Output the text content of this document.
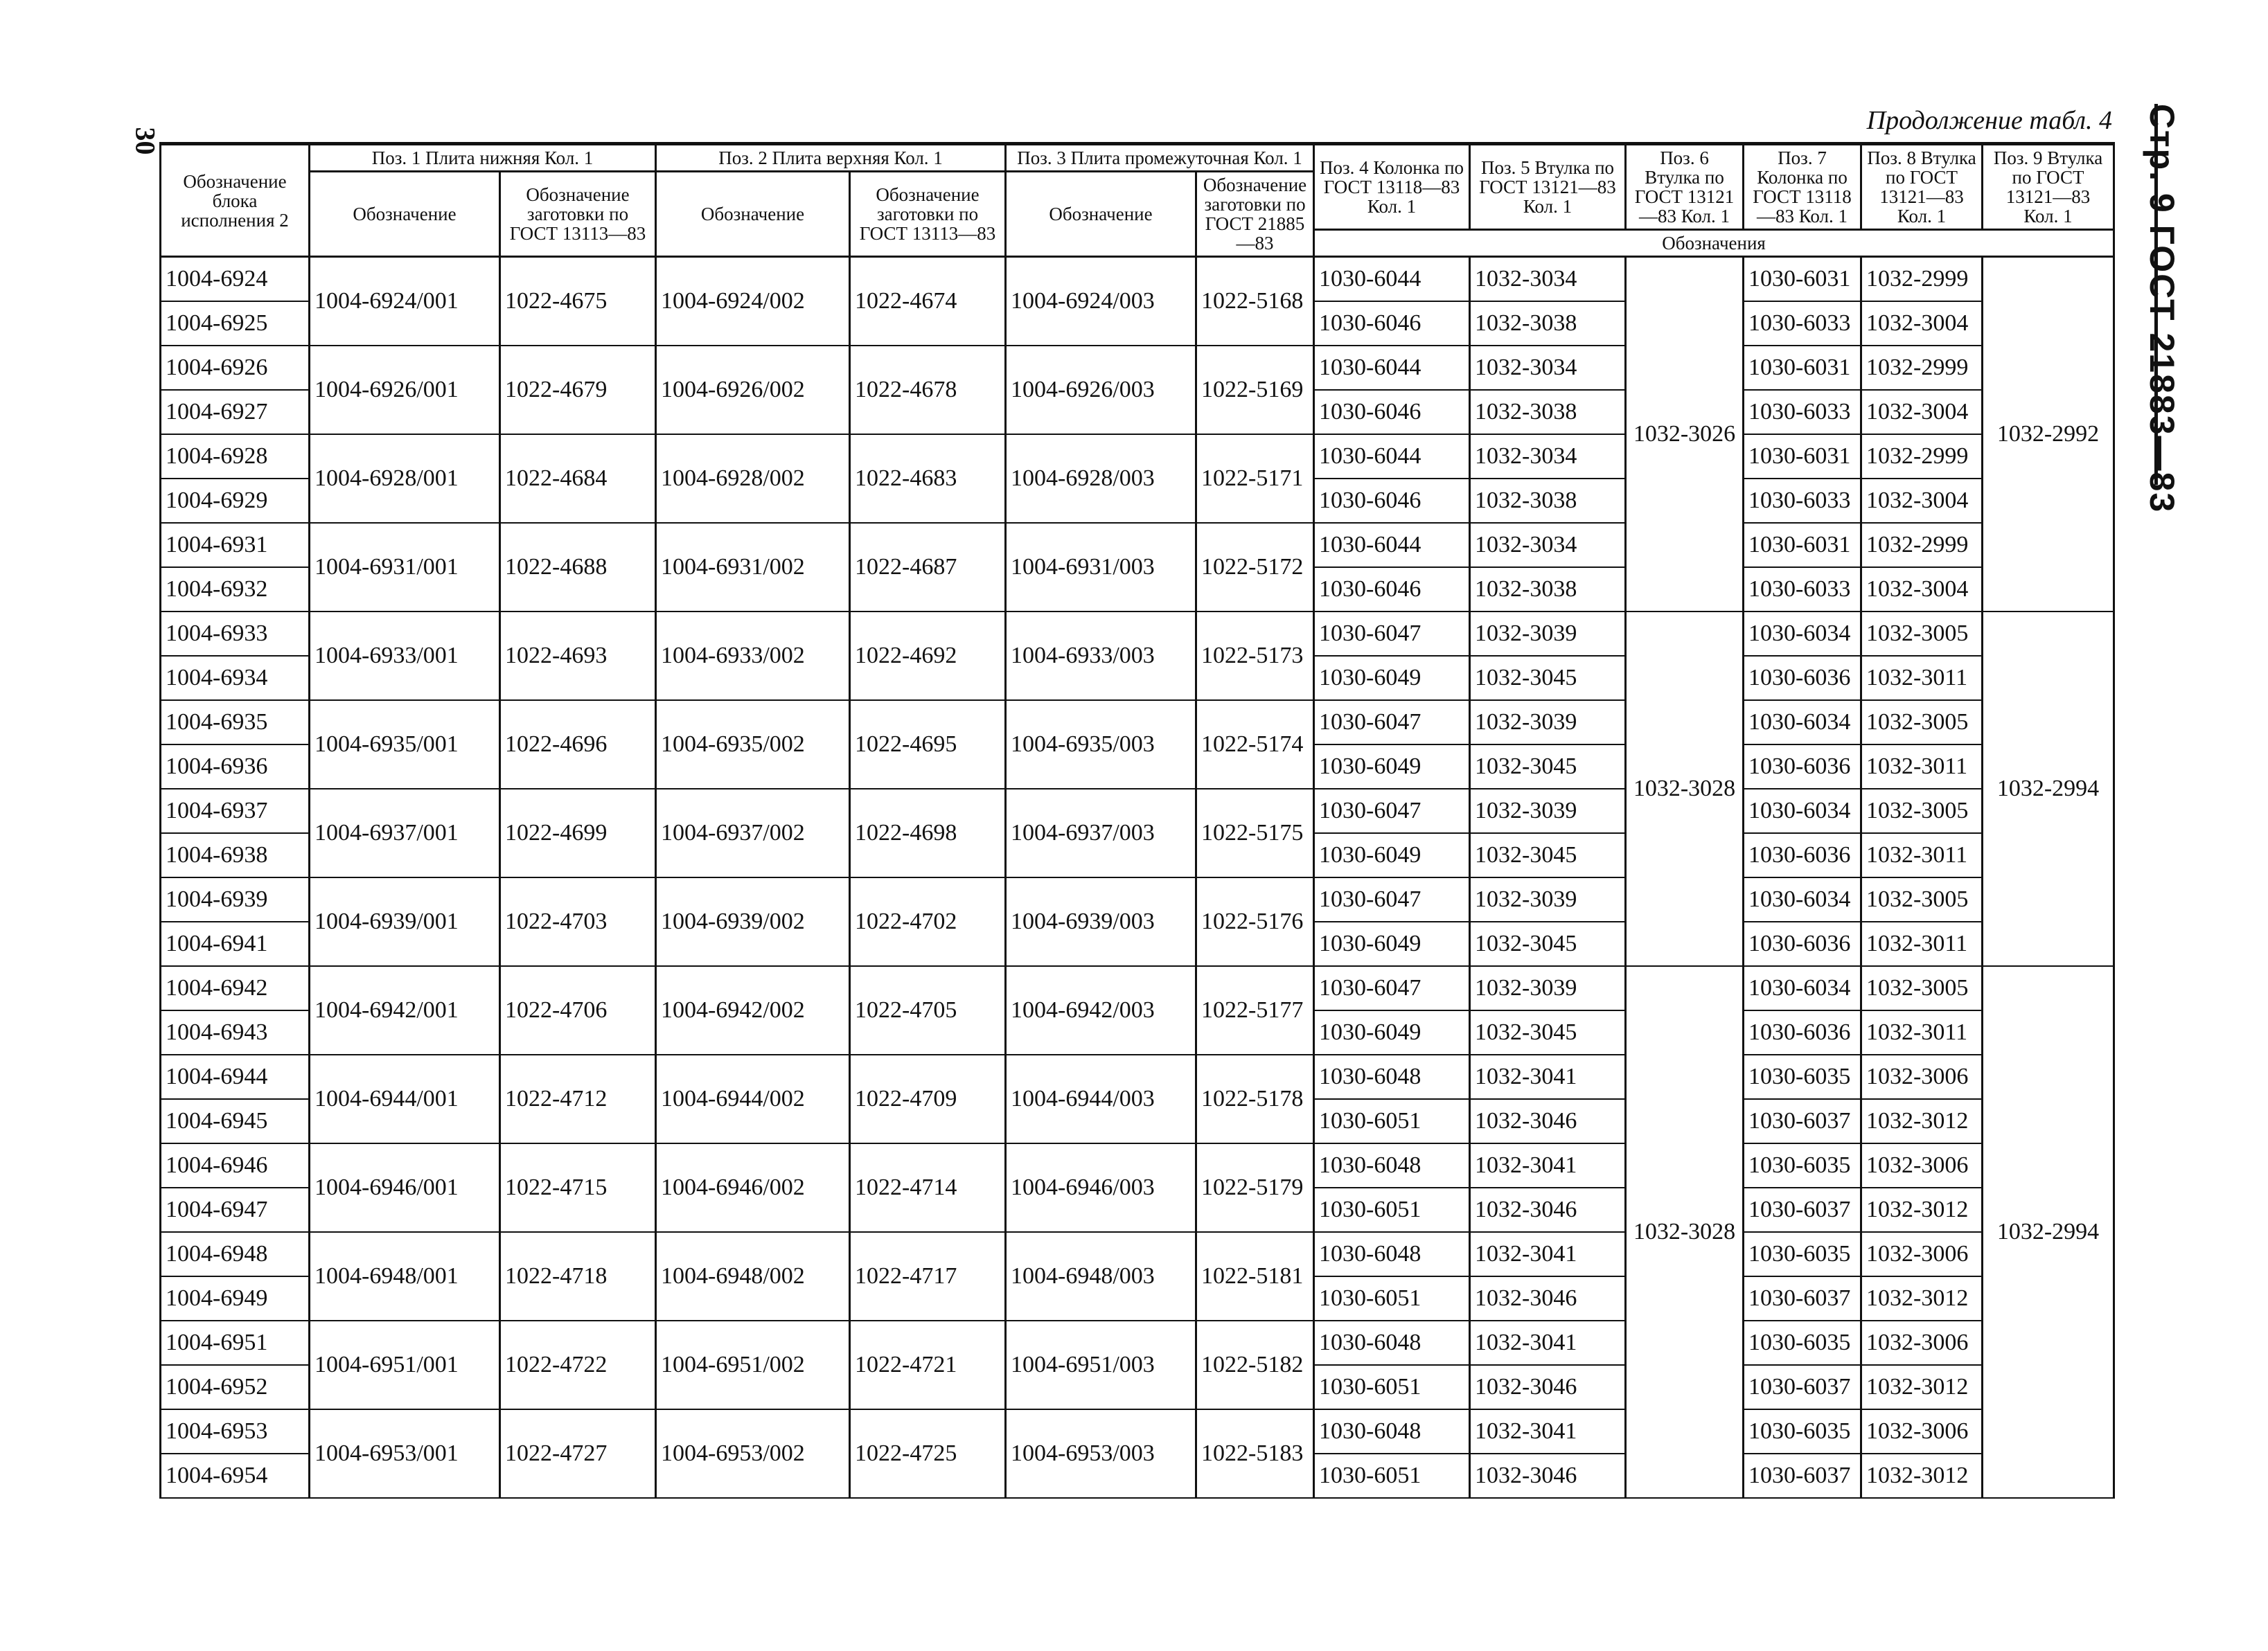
30
Продолжение табл. 4 Стр. 9 ГОСТ 21883—83
Обозначение блока исполнения 2	Поз. 1 Плита нижняя Кол. 1		Поз. 2 Плита верхняя Кол. 1		Поз. 3 Плита промежуточная Кол. 1		Поз. 4 Колонка по ГОСТ 13118—83 Кол. 1	Поз. 5 Втулка по ГОСТ 13121—83 Кол. 1	Поз. 6 Втулка по ГОСТ 13121—83 Кол. 1	Поз. 7 Колонка по ГОСТ 13118—83 Кол. 1	Поз. 8 Втулка по ГОСТ 13121—83 Кол. 1	Поз. 9 Втулка по ГОСТ 13121—83 Кол. 1
	Обозначение	Обозначение заготовки по ГОСТ 13113—83	Обозначение	Обозначение заготовки по ГОСТ 13113—83	Обозначение	Обозначение заготовки по ГОСТ 21885—83						
							Обозначения					
1004-6924	1004-6924/001	1022-4675	1004-6924/002	1022-4674	1004-6924/003	1022-5168	1030-6044	1032-3034	1032-3026	1030-6031	1032-2999	1032-2992
1004-6925							1030-6046	1032-3038		1030-6033	1032-3004	
1004-6926	1004-6926/001	1022-4679	1004-6926/002	1022-4678	1004-6926/003	1022-5169	1030-6044	1032-3034		1030-6031	1032-2999	
1004-6927							1030-6046	1032-3038		1030-6033	1032-3004	
1004-6928	1004-6928/001	1022-4684	1004-6928/002	1022-4683	1004-6928/003	1022-5171	1030-6044	1032-3034		1030-6031	1032-2999	
1004-6929							1030-6046	1032-3038		1030-6033	1032-3004	
1004-6931	1004-6931/001	1022-4688	1004-6931/002	1022-4687	1004-6931/003	1022-5172	1030-6044	1032-3034		1030-6031	1032-2999	
1004-6932							1030-6046	1032-3038		1030-6033	1032-3004	
1004-6933	1004-6933/001	1022-4693	1004-6933/002	1022-4692	1004-6933/003	1022-5173	1030-6047	1032-3039	1032-3028	1030-6034	1032-3005	1032-2994
1004-6934							1030-6049	1032-3045		1030-6036	1032-3011	
1004-6935	1004-6935/001	1022-4696	1004-6935/002	1022-4695	1004-6935/003	1022-5174	1030-6047	1032-3039		1030-6034	1032-3005	
1004-6936							1030-6049	1032-3045		1030-6036	1032-3011	
1004-6937	1004-6937/001	1022-4699	1004-6937/002	1022-4698	1004-6937/003	1022-5175	1030-6047	1032-3039		1030-6034	1032-3005	
1004-6938							1030-6049	1032-3045		1030-6036	1032-3011	
1004-6939	1004-6939/001	1022-4703	1004-6939/002	1022-4702	1004-6939/003	1022-5176	1030-6047	1032-3039		1030-6034	1032-3005	
1004-6941							1030-6049	1032-3045		1030-6036	1032-3011	
1004-6942	1004-6942/001	1022-4706	1004-6942/002	1022-4705	1004-6942/003	1022-5177	1030-6047	1032-3039	1032-3028	1030-6034	1032-3005	1032-2994
1004-6943							1030-6049	1032-3045		1030-6036	1032-3011	
1004-6944	1004-6944/001	1022-4712	1004-6944/002	1022-4709	1004-6944/003	1022-5178	1030-6048	1032-3041		1030-6035	1032-3006	
1004-6945							1030-6051	1032-3046		1030-6037	1032-3012	
1004-6946	1004-6946/001	1022-4715	1004-6946/002	1022-4714	1004-6946/003	1022-5179	1030-6048	1032-3041		1030-6035	1032-3006	
1004-6947							1030-6051	1032-3046		1030-6037	1032-3012	
1004-6948	1004-6948/001	1022-4718	1004-6948/002	1022-4717	1004-6948/003	1022-5181	1030-6048	1032-3041		1030-6035	1032-3006	
1004-6949							1030-6051	1032-3046		1030-6037	1032-3012	
1004-6951	1004-6951/001	1022-4722	1004-6951/002	1022-4721	1004-6951/003	1022-5182	1030-6048	1032-3041		1030-6035	1032-3006	
1004-6952							1030-6051	1032-3046		1030-6037	1032-3012	
1004-6953	1004-6953/001	1022-4727	1004-6953/002	1022-4725	1004-6953/003	1022-5183	1030-6048	1032-3041		1030-6035	1032-3006	
1004-6954							1030-6051	1032-3046		1030-6037	1032-3012	
